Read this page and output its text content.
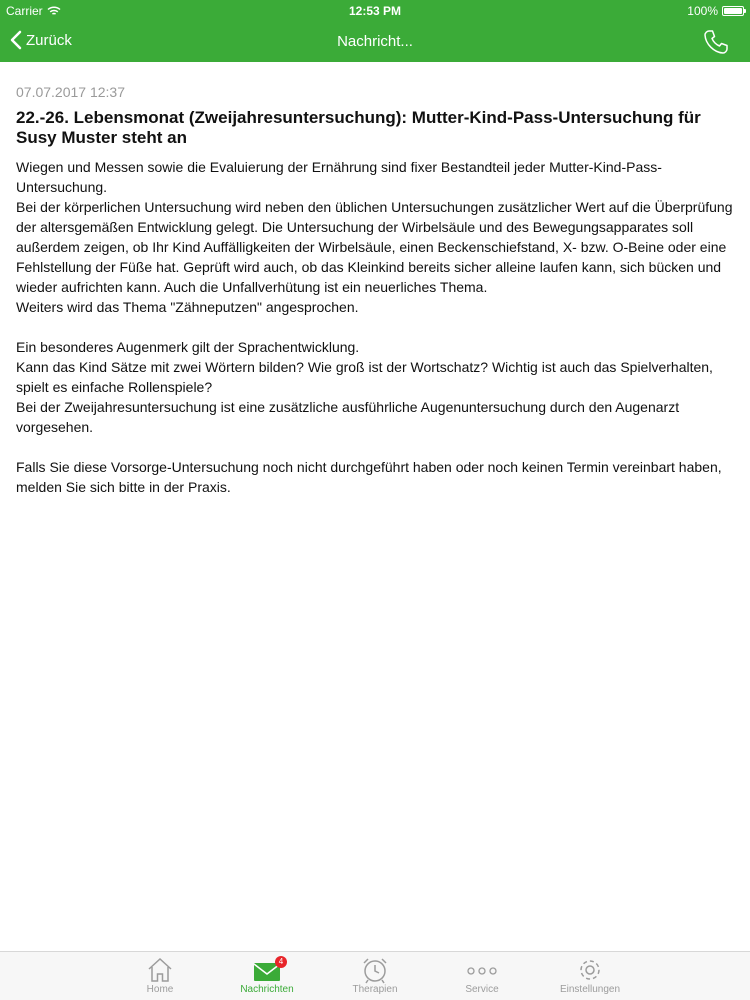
Carrier	12:53 PM	100%
Zurück	Nachricht...
07.07.2017 12:37
22.-26. Lebensmonat (Zweijahresuntersuchung): Mutter-Kind-Pass-Untersuchung für Susy Muster steht an

Wiegen und Messen sowie die Evaluierung der Ernährung sind fixer Bestandteil jeder Mutter-Kind-Pass-Untersuchung.

Bei der körperlichen Untersuchung wird neben den üblichen Untersuchungen zusätzlicher Wert auf die Überprüfung der altersgemäßen Entwicklung gelegt. Die Untersuchung der Wirbelsäule und des Bewegungsapparates soll außerdem zeigen, ob Ihr Kind Auffälligkeiten der Wirbelsäule, einen Beckenschiefstand, X- bzw. O-Beine oder eine Fehlstellung der Füße hat. Geprüft wird auch, ob das Kleinkind bereits sicher alleine laufen kann, sich bücken und wieder aufrichten kann. Auch die Unfallverhütung ist ein neuerliches Thema.

Weiters wird das Thema "Zähneputzen" angesprochen.

Ein besonderes Augenmerk gilt der Sprachentwicklung.

Kann das Kind Sätze mit zwei Wörtern bilden? Wie groß ist der Wortschatz? Wichtig ist auch das Spielverhalten, spielt es einfache Rollenspiele?

Bei der Zweijahresuntersuchung ist eine zusätzliche ausführliche Augenuntersuchung durch den Augenarzt vorgesehen.

Falls Sie diese Vorsorge-Untersuchung noch nicht durchgeführt haben oder noch keinen Termin vereinbart haben, melden Sie sich bitte in der Praxis.

Home
4
Nachrichten	Therapien	Service	Einstellungen
